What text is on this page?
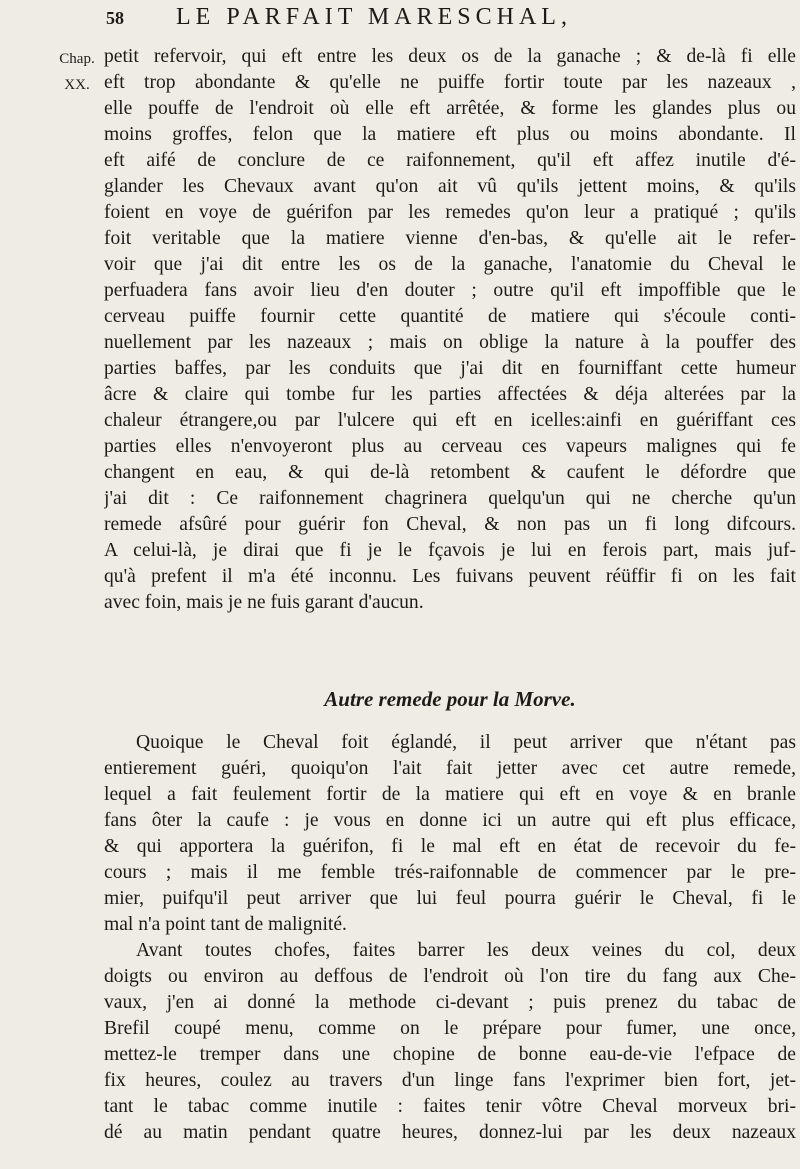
58	LE PARFAIT MARESCHAL,
Chap.
XX.
petit refervoir, qui eft entre les deux os de la ganache ; & de-là fi elle
eft trop abondante & qu'elle ne puiffe fortir toute par les nazeaux ,
elle pouffe de l'endroit où elle eft arrêtée, & forme les glandes plus ou
moins groffes, felon que la matiere eft plus ou moins abondante. Il
eft aifé de conclure de ce raifonnement, qu'il eft affez inutile d'é-
glander les Chevaux avant qu'on ait vû qu'ils jettent moins, & qu'ils
foient en voye de guérifon par les remedes qu'on leur a pratiqué ; qu'ils
foit veritable que la matiere vienne d'en-bas, & qu'elle ait le refer-
voir que j'ai dit entre les os de la ganache, l'anatomie du Cheval le
perfuadera fans avoir lieu d'en douter ; outre qu'il eft impoffible que le
cerveau puiffe fournir cette quantité de matiere qui s'écoule conti-
nuellement par les nazeaux ; mais on oblige la nature à la pouffer des
parties baffes, par les conduits que j'ai dit en fourniffant cette humeur
âcre & claire qui tombe fur les parties affectées & déja alterées par la
chaleur étrangere,ou par l'ulcere qui eft en icelles:ainfi en guériffant ces
parties elles n'envoyeront plus au cerveau ces vapeurs malignes qui fe
changent en eau, & qui de-là retombent & caufent le défordre que
j'ai dit : Ce raifonnement chagrinera quelqu'un qui ne cherche qu'un
remede afsûré pour guérir fon Cheval, & non pas un fi long difcours.
A celui-là, je dirai que fi je le fçavois je lui en ferois part, mais juf-
qu'à prefent il m'a été inconnu. Les fuivans peuvent réüffir fi on les fait
avec foin, mais je ne fuis garant d'aucun.
Autre remede pour la Morve.
Quoique le Cheval foit églandé, il peut arriver que n'étant pas
entierement guéri, quoiqu'on l'ait fait jetter avec cet autre remede,
lequel a fait feulement fortir de la matiere qui eft en voye & en branle
fans ôter la caufe : je vous en donne ici un autre qui eft plus efficace,
& qui apportera la guérifon, fi le mal eft en état de recevoir du fe-
cours ; mais il me femble trés-raifonnable de commencer par le pre-
mier, puifqu'il peut arriver que lui feul pourra guérir le Cheval, fi le
mal n'a point tant de malignité.
Avant toutes chofes, faites barrer les deux veines du col, deux
doigts ou environ au deffous de l'endroit où l'on tire du fang aux Che-
vaux, j'en ai donné la methode ci-devant ; puis prenez du tabac de
Brefil coupé menu, comme on le prépare pour fumer, une once,
mettez-le tremper dans une chopine de bonne eau-de-vie l'efpace de
fix heures, coulez au travers d'un linge fans l'exprimer bien fort, jet-
tant le tabac comme inutile : faites tenir vôtre Cheval morveux bri-
dé au matin pendant quatre heures, donnez-lui par les deux nazeaux
